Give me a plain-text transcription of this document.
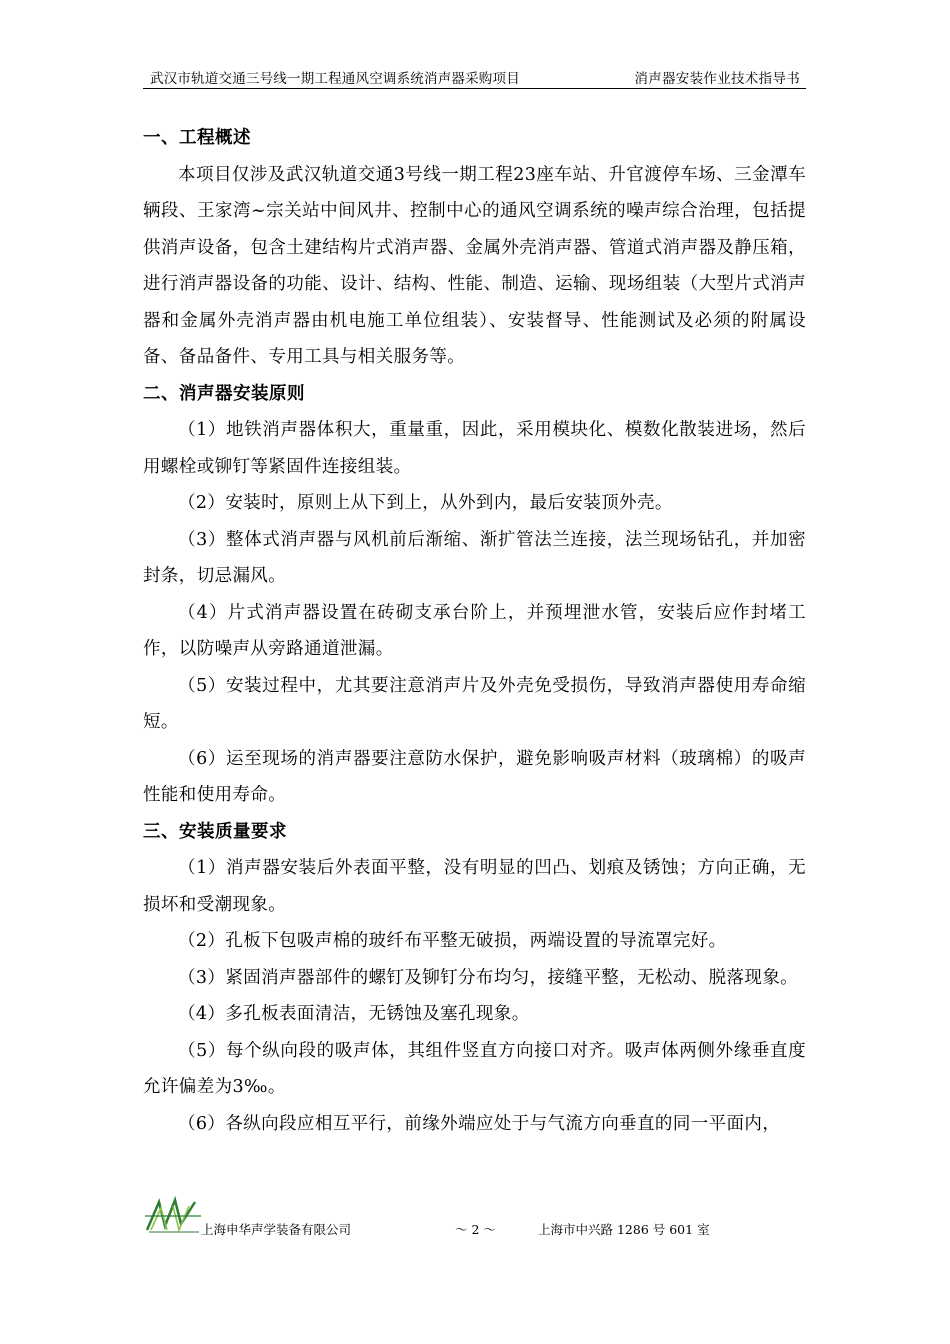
武汉市轨道交通三号线一期工程通风空调系统消声器采购项目	消声器安装作业技术指导书
一、工程概述

本项目仅涉及武汉轨道交通3号线一期工程23座车站、升官渡停车场、三金潭车辆段、王家湾~宗关站中间风井、控制中心的通风空调系统的噪声综合治理，包括提供消声设备，包含土建结构片式消声器、金属外壳消声器、管道式消声器及静压箱，进行消声器设备的功能、设计、结构、性能、制造、运输、现场组装（大型片式消声器和金属外壳消声器由机电施工单位组装）、安装督导、性能测试及必须的附属设备、备品备件、专用工具与相关服务等。

二、消声器安装原则

（1）地铁消声器体积大，重量重，因此，采用模块化、模数化散装进场，然后用螺栓或铆钉等紧固件连接组装。

（2）安装时，原则上从下到上，从外到内，最后安装顶外壳。

（3）整体式消声器与风机前后渐缩、渐扩管法兰连接，法兰现场钻孔，并加密封条，切忌漏风。

（4）片式消声器设置在砖砌支承台阶上，并预埋泄水管，安装后应作封堵工作，以防噪声从旁路通道泄漏。

（5）安装过程中，尤其要注意消声片及外壳免受损伤，导致消声器使用寿命缩短。

（6）运至现场的消声器要注意防水保护，避免影响吸声材料（玻璃棉）的吸声性能和使用寿命。

三、安装质量要求

（1）消声器安装后外表面平整，没有明显的凹凸、划痕及锈蚀；方向正确，无损坏和受潮现象。

（2）孔板下包吸声棉的玻纤布平整无破损，两端设置的导流罩完好。

（3）紧固消声器部件的螺钉及铆钉分布均匀，接缝平整，无松动、脱落现象。

（4）多孔板表面清洁，无锈蚀及塞孔现象。

（5）每个纵向段的吸声体，其组件竖直方向接口对齐。吸声体两侧外缘垂直度允许偏差为3‰。

（6）各纵向段应相互平行，前缘外端应处于与气流方向垂直的同一平面内，

上海申华声学装备有限公司	～ 2 ～	上海市中兴路 1286 号 601 室
